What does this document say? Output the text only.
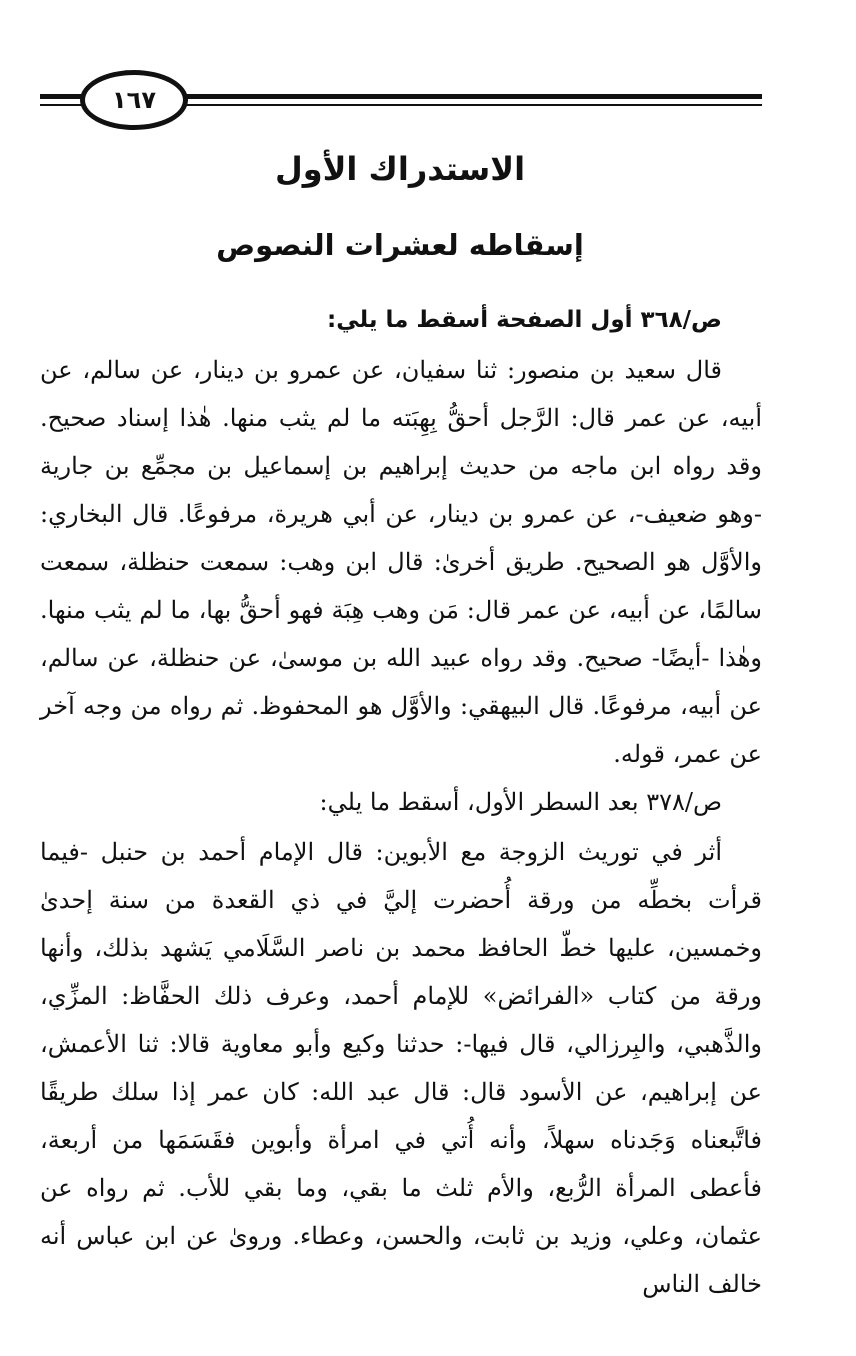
١٦٧
الاستدراك الأول
إسقاطه لعشرات النصوص

ص/٣٦٨ أول الصفحة أسقط ما يلي:

قال سعيد بن منصور: ثنا سفيان، عن عمرو بن دينار، عن سالم، عن أبيه، عن عمر قال: الرَّجل أحقُّ بِهِبَته ما لم يثب منها. هٰذا إسناد صحيح. وقد رواه ابن ماجه من حديث إبراهيم بن إسماعيل بن مجمِّع بن جارية -وهو ضعيف-، عن عمرو بن دينار، عن أبي هريرة، مرفوعًا. قال البخاري: والأوَّل هو الصحيح. طريق أخرىٰ: قال ابن وهب: سمعت حنظلة، سمعت سالمًا، عن أبيه، عن عمر قال: مَن وهب هِبَة فهو أحقُّ بها، ما لم يثب منها. وهٰذا -أيضًا- صحيح. وقد رواه عبيد الله بن موسىٰ، عن حنظلة، عن سالم، عن أبيه، مرفوعًا. قال البيهقي: والأوَّل هو المحفوظ. ثم رواه من وجه آخر عن عمر، قوله.

ص/٣٧٨ بعد السطر الأول، أسقط ما يلي:

أثر في توريث الزوجة مع الأبوين: قال الإمام أحمد بن حنبل -فيما قرأت بخطِّه من ورقة أُحضرت إليَّ في ذي القعدة من سنة إحدىٰ وخمسين، عليها خطّ الحافظ محمد بن ناصر السَّلَامي يَشهد بذلك، وأنها ورقة من كتاب «الفرائض» للإمام أحمد، وعرف ذلك الحفَّاظ: المزِّي، والذَّهبي، والبِرزالي، قال فيها-: حدثنا وكيع وأبو معاوية قالا: ثنا الأعمش، عن إبراهيم، عن الأسود قال: قال عبد الله: كان عمر إذا سلك طريقًا فاتَّبعناه وَجَدناه سهلاً، وأنه أُتي في امرأة وأبوين فقَسَمَها من أربعة، فأعطى المرأة الرُّبع، والأم ثلث ما بقي، وما بقي للأب. ثم رواه عن عثمان، وعلي، وزيد بن ثابت، والحسن، وعطاء. وروىٰ عن ابن عباس أنه خالف الناس
